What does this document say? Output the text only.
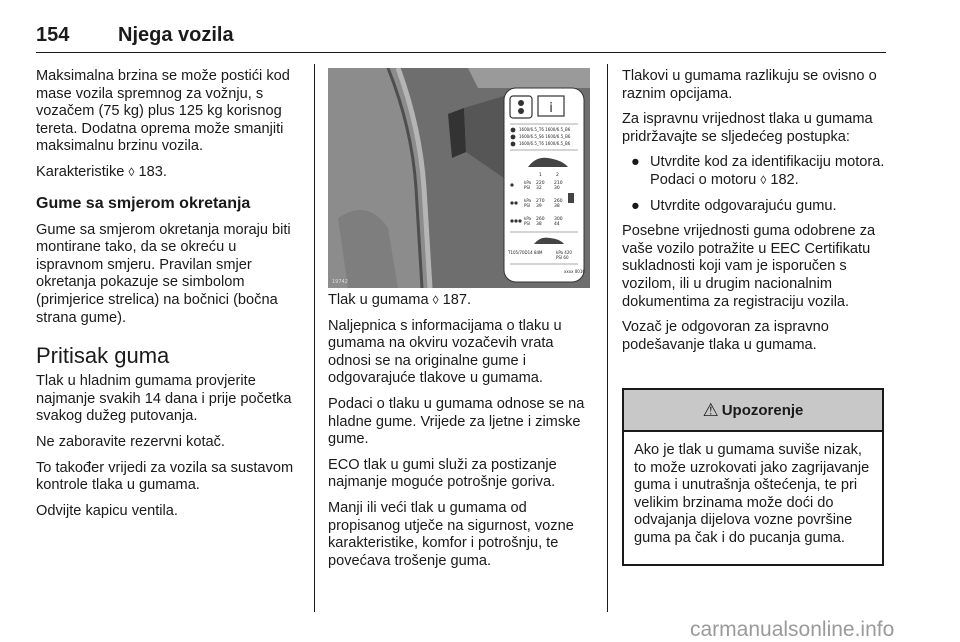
154 Njega vozila

Maksimalna brzina se može postići kod mase vozila spremnog za vožnju, s vozačem (75 kg) plus 125 kg korisnog tereta. Dodatna oprema može smanjiti maksimalnu brzinu vozila.

Karakteristike ◊ 183.

Gume sa smjerom okretanja

Gume sa smjerom okretanja moraju biti montirane tako, da se okreću u ispravnom smjeru. Pravilan smjer okretanja pokazuje se simbolom (primjerice strelica) na bočnici (bočna strana gume).

Pritisak guma

Tlak u hladnim gumama provjerite najmanje svakih 14 dana i prije početka svakog dužeg putovanja.

Ne zaboravite rezervni kotač.

To također vrijedi za vozila sa sustavom kontrole tlaka u gumama.

Odvijte kapicu ventila.

i
1600/6.5_T6 1600/6.5_B6
1600/6.5_S6 1600/6.5_B6
1600/6.5_T6 1600/6.5_B6
1	2
kPa
PSI
220
32
210
30
kPa
PSI
270
39
260
38
kPa
PSI
260
38
300
44
T105/70D14 84M	kPa 420
PSI 60
xxxx 0016
19742

Tlak u gumama ◊ 187.

Naljepnica s informacijama o tlaku u gumama na okviru vozačevih vrata odnosi se na originalne gume i odgovarajuće tlakove u gumama.

Podaci o tlaku u gumama odnose se na hladne gume. Vrijede za ljetne i zimske gume.

ECO tlak u gumi služi za postizanje najmanje moguće potrošnje goriva.

Manji ili veći tlak u gumama od propisanog utječe na sigurnost, vozne karakteristike, komfor i potrošnju, te povećava trošenje guma.

Tlakovi u gumama razlikuju se ovisno o raznim opcijama.

Za ispravnu vrijednost tlaka u gumama pridržavajte se sljedećeg postupka:

● Utvrdite kod za identifikaciju motora. Podaci o motoru ◊ 182.
● Utvrdite odgovarajuću gumu.

Posebne vrijednosti guma odobrene za vaše vozilo potražite u EEC Certifikatu sukladnosti koji vam je isporučen s vozilom, ili u drugim nacionalnim dokumentima za registraciju vozila.

Vozač je odgovoran za ispravno podešavanje tlaka u gumama.

⚠ Upozorenje
Ako je tlak u gumama suviše nizak, to može uzrokovati jako zagrijavanje guma i unutrašnja oštećenja, te pri velikim brzinama može doći do odvajanja dijelova vozne površine guma pa čak i do pucanja guma.
carmanualsonline.info
